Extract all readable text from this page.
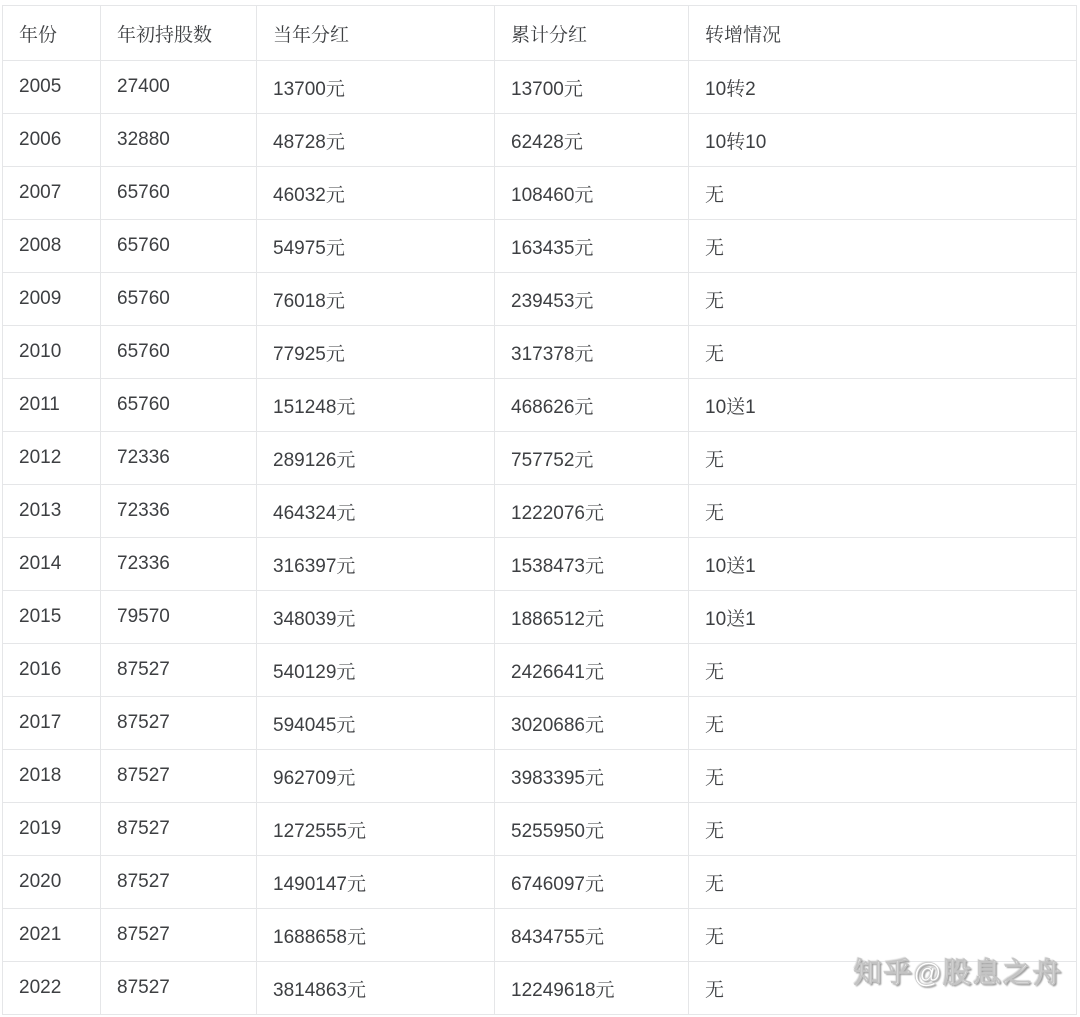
年份	年初持股数	当年分红	累计分红	转增情况
2005	27400	13700元	13700元	10转2
2006	32880	48728元	62428元	10转10
2007	65760	46032元	108460元	无
2008	65760	54975元	163435元	无
2009	65760	76018元	239453元	无
2010	65760	77925元	317378元	无
2011	65760	151248元	468626元	10送1
2012	72336	289126元	757752元	无
2013	72336	464324元	1222076元	无
2014	72336	316397元	1538473元	10送1
2015	79570	348039元	1886512元	10送1
2016	87527	540129元	2426641元	无
2017	87527	594045元	3020686元	无
2018	87527	962709元	3983395元	无
2019	87527	1272555元	5255950元	无
2020	87527	1490147元	6746097元	无
2021	87527	1688658元	8434755元	无
2022	87527	3814863元	12249618元	无
知乎@股息之舟
